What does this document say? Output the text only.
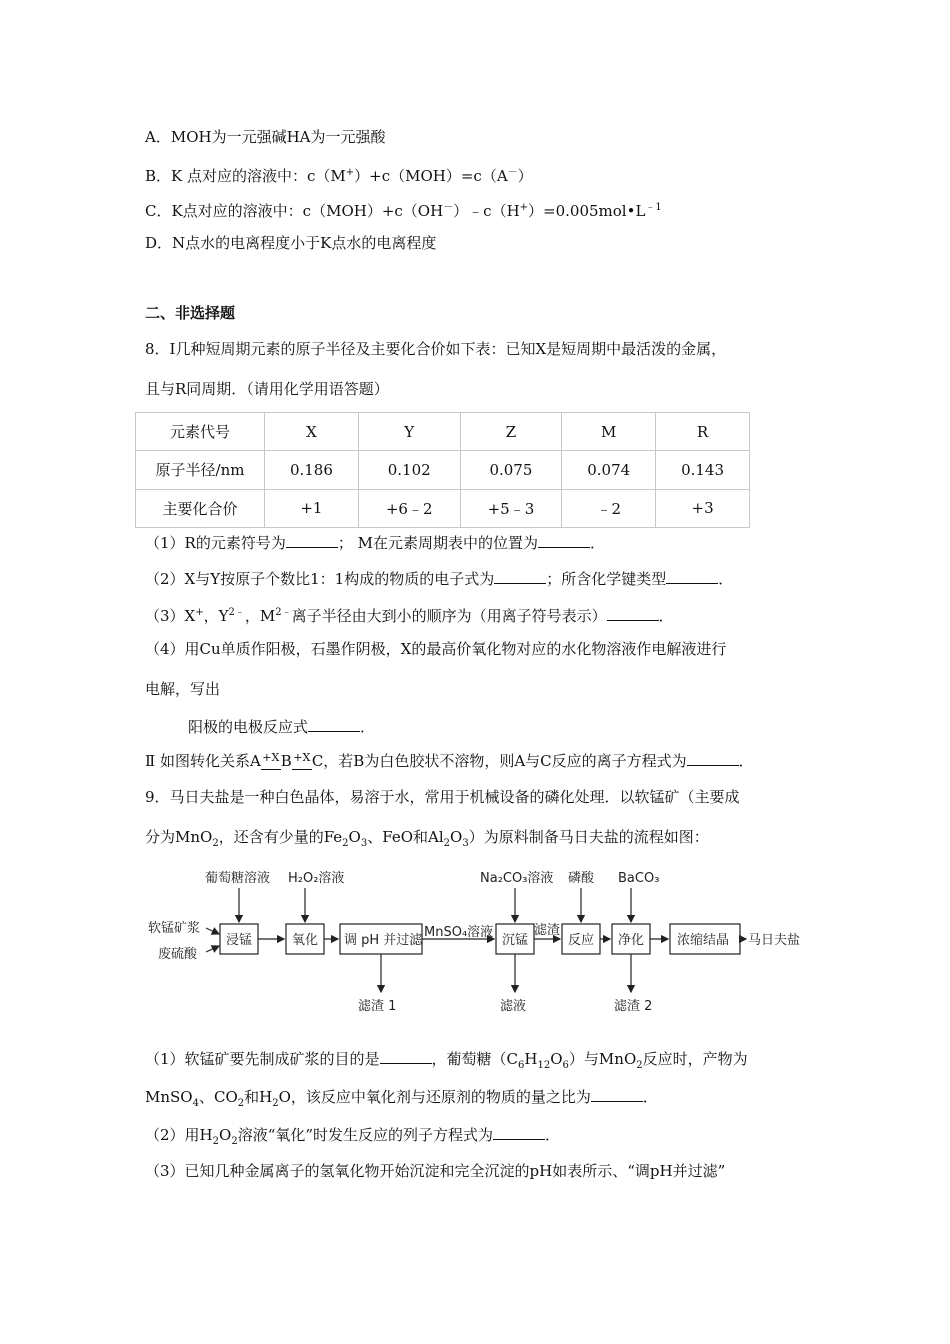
A．MOH为一元强碱HA为一元强酸
B．K 点对应的溶液中：c（M+）+c（MOH）=c（A－）
C．K点对应的溶液中：$c(MOH)+c(OH^-)﹣c(H^+)=0.005mol•L^{﹣1}$
D．N点水的电离程度小于K点水的电离程度
二、非选择题
8．Ⅰ几种短周期元素的原子半径及主要化合价如下表：已知X是短周期中最活泼的金属，
且与R同周期．（请用化学用语答题）
元素代号	X	Y	Z	M	R
原子半径/nm	0.186	0.102	0.075	0.074	0.143
主要化合价	+1	+6﹣2	+5﹣3	﹣2	+3
（1）R的元素符号为	； M在元素周期表中的位置为	．
（2）X与Y按原子个数比1：1构成的物质的电子式为	；所含化学键类型	．
（3）X+，$Y^{2﹣}$，$M^{2﹣}$离子半径由大到小的顺序为（用离子符号表示）	．
（4）用Cu单质作阳极，石墨作阴极，X的最高价氧化物对应的水化物溶液作电解液进行
电解，写出
阳极的电极反应式	．
Ⅱ 如图转化关系$A^{+X}$
$B^{+X}$
C，若B为白色胶状不溶物，则A与C反应的离子方程式为	．
9．马日夫盐是一种白色晶体，易溶于水，常用于机械设备的磷化处理．以软锰矿（主要成
分为MnO$_2$，还含有少量的$Fe_2O_3$、FeO和$Al_2O_3$）为原料制备马日夫盐的流程如图：
葡萄糖溶液 H₂O₂溶液	Na₂CO₃溶液 磷酸 BaCO₃
软锰矿浆
废硫酸
浸锰	氧化 调 pH 并过滤
MnSO₄溶液
沉锰
滤渣
反应 净化	浓缩结晶 马日夫盐
滤渣 1	滤液	滤渣 2
（1）软锰矿要先制成矿浆的目的是	，葡萄糖$(C_6H_{12}O_6)$与MnO$_2$反应时，产物为
MnSO$_4$、$CO_2$和$H_2O$，该反应中氧化剂与还原剂的物质的量之比为	．
（2）用$H_2O_2$溶液“氧化”时发生反应的列子方程式为	．
（3）已知几种金属离子的氢氧化物开始沉淀和完全沉淀的pH如表所示、“调pH并过滤”
